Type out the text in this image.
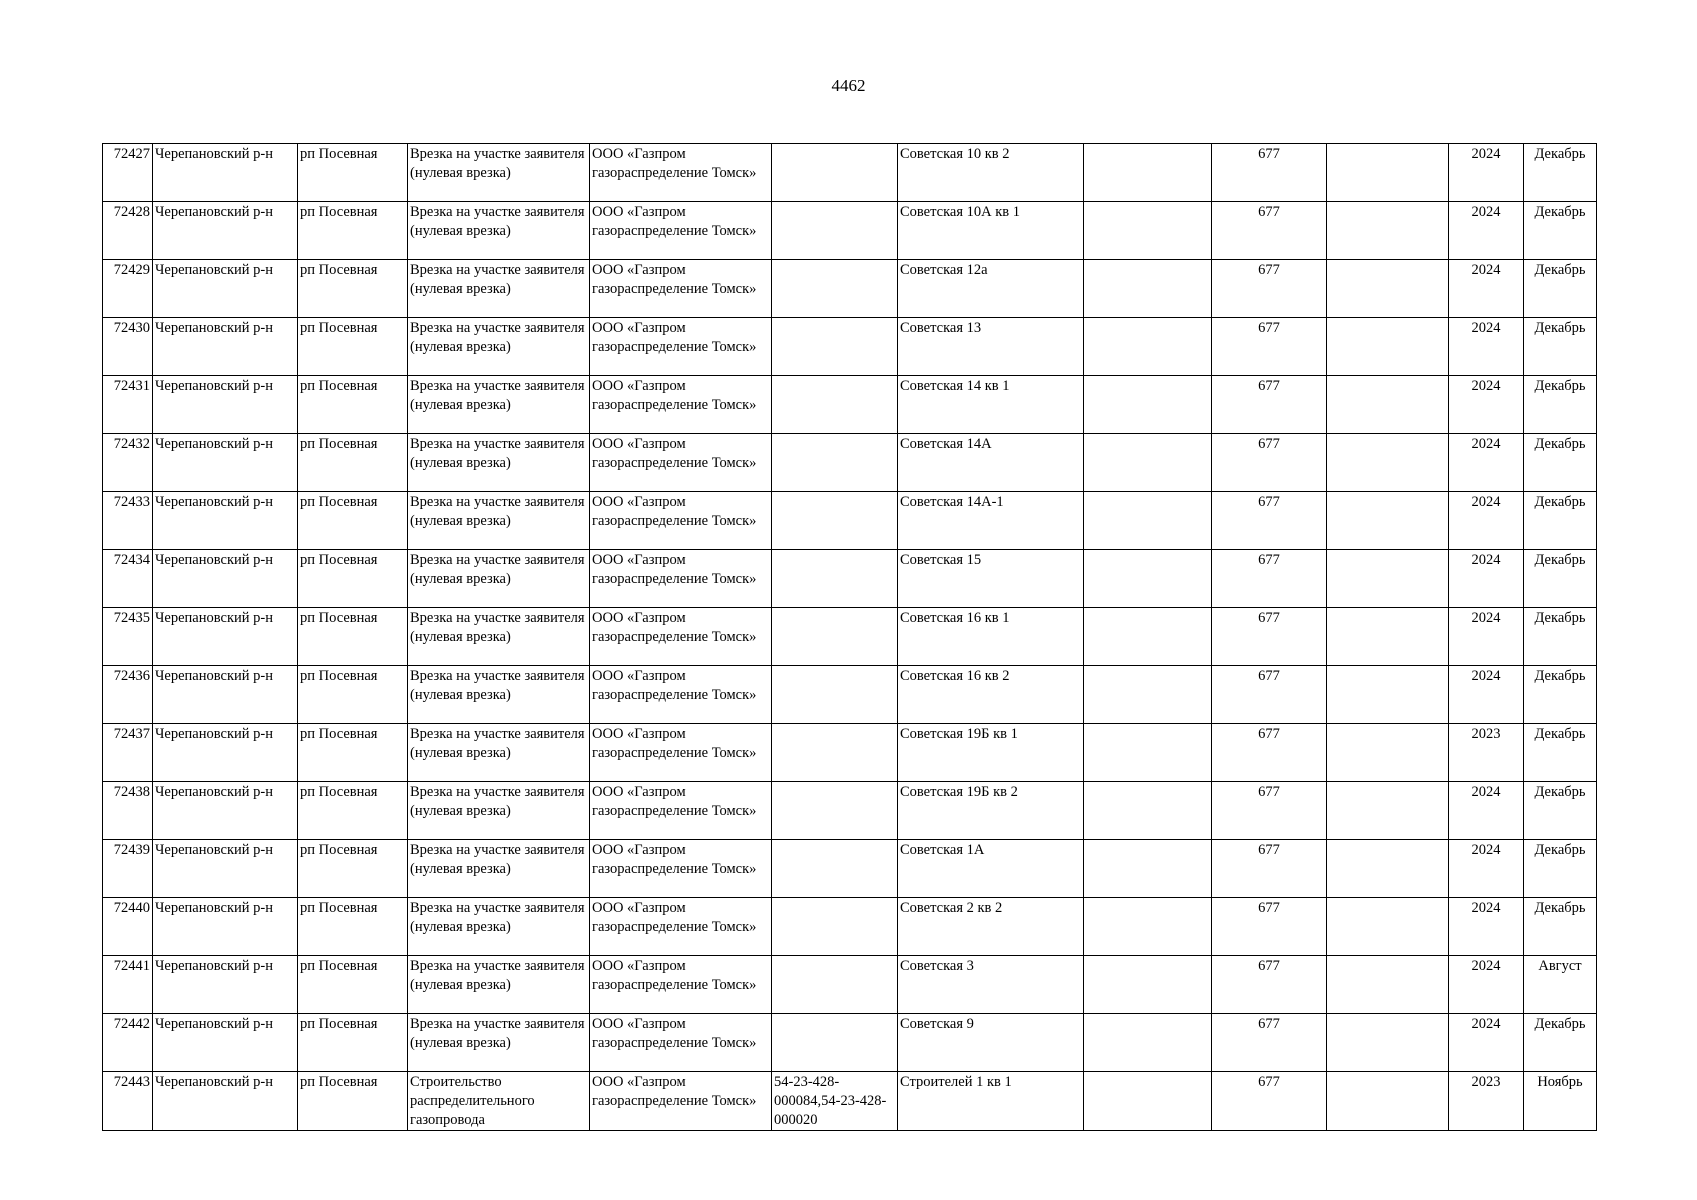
4462
72427	Черепановский р-н	рп Посевная	Врезка на участке заявителя (нулевая врезка)	ООО «Газпром газораспределение Томск»		Советская 10 кв 2		677		2024	Декабрь
72428	Черепановский р-н	рп Посевная	Врезка на участке заявителя (нулевая врезка)	ООО «Газпром газораспределение Томск»		Советская 10А кв 1		677		2024	Декабрь
72429	Черепановский р-н	рп Посевная	Врезка на участке заявителя (нулевая врезка)	ООО «Газпром газораспределение Томск»		Советская 12а		677		2024	Декабрь
72430	Черепановский р-н	рп Посевная	Врезка на участке заявителя (нулевая врезка)	ООО «Газпром газораспределение Томск»		Советская 13		677		2024	Декабрь
72431	Черепановский р-н	рп Посевная	Врезка на участке заявителя (нулевая врезка)	ООО «Газпром газораспределение Томск»		Советская 14 кв 1		677		2024	Декабрь
72432	Черепановский р-н	рп Посевная	Врезка на участке заявителя (нулевая врезка)	ООО «Газпром газораспределение Томск»		Советская 14А		677		2024	Декабрь
72433	Черепановский р-н	рп Посевная	Врезка на участке заявителя (нулевая врезка)	ООО «Газпром газораспределение Томск»		Советская 14А-1		677		2024	Декабрь
72434	Черепановский р-н	рп Посевная	Врезка на участке заявителя (нулевая врезка)	ООО «Газпром газораспределение Томск»		Советская 15		677		2024	Декабрь
72435	Черепановский р-н	рп Посевная	Врезка на участке заявителя (нулевая врезка)	ООО «Газпром газораспределение Томск»		Советская 16 кв 1		677		2024	Декабрь
72436	Черепановский р-н	рп Посевная	Врезка на участке заявителя (нулевая врезка)	ООО «Газпром газораспределение Томск»		Советская 16 кв 2		677		2024	Декабрь
72437	Черепановский р-н	рп Посевная	Врезка на участке заявителя (нулевая врезка)	ООО «Газпром газораспределение Томск»		Советская 19Б кв 1		677		2023	Декабрь
72438	Черепановский р-н	рп Посевная	Врезка на участке заявителя (нулевая врезка)	ООО «Газпром газораспределение Томск»		Советская 19Б кв 2		677		2024	Декабрь
72439	Черепановский р-н	рп Посевная	Врезка на участке заявителя (нулевая врезка)	ООО «Газпром газораспределение Томск»		Советская 1А		677		2024	Декабрь
72440	Черепановский р-н	рп Посевная	Врезка на участке заявителя (нулевая врезка)	ООО «Газпром газораспределение Томск»		Советская 2 кв 2		677		2024	Декабрь
72441	Черепановский р-н	рп Посевная	Врезка на участке заявителя (нулевая врезка)	ООО «Газпром газораспределение Томск»		Советская 3		677		2024	Август
72442	Черепановский р-н	рп Посевная	Врезка на участке заявителя (нулевая врезка)	ООО «Газпром газораспределение Томск»		Советская 9		677		2024	Декабрь
72443	Черепановский р-н	рп Посевная	Строительство распределительного газопровода	ООО «Газпром газораспределение Томск»	54-23-428-000084,54-23-428-000020	Строителей 1 кв 1		677		2023	Ноябрь
